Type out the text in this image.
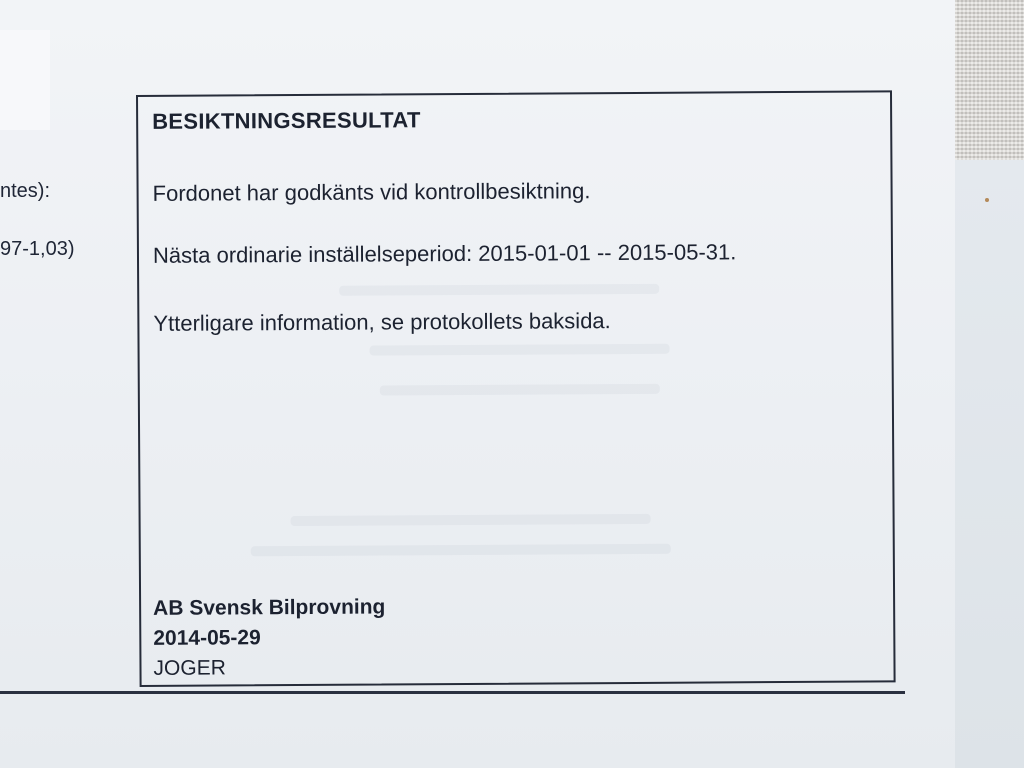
ntes):
97-1,03)
BESIKTNINGSRESULTAT
Fordonet har godkänts vid kontrollbesiktning.
Nästa ordinarie inställelseperiod: 2015-01-01 -- 2015-05-31.
Ytterligare information, se protokollets baksida.
AB Svensk Bilprovning
2014-05-29
JOGER
